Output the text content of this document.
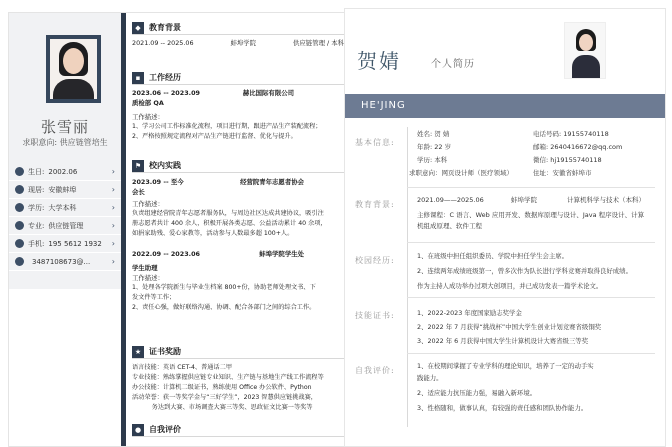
张雪丽
求职意向: 供应链管培生
生日: 2002.06	›
现居: 安徽蚌埠	›
学历: 大学本科	›
专业: 供应链管理	›
手机: 195 5612 1932	›
3487108673@...	›
◆	教育背景
2021.09 -- 2025.06	蚌埠学院	供应链管理 / 本科
▪	工作经历
2023.06 -- 2023.09	赫比国际有限公司
质检部 QA
工作描述：
1、学习公司工作标准化流程，项目进行期，跟进产品生产装配流程；
2、严格按照规定流程对产品生产链进行监督、优化与提升。
⚑ 校内实践
2023.09 -- 至今	经营院青年志愿者协会
会长
工作描述：
负责组建经营院青年志愿者服务队，与周边社区达成共建协议，吸引注
册志愿者共计 400 余人，积极开展各类志愿、公益活动累计 40 余项，
如捐家助残、爱心家教等，活动参与人数最多超 100+人。
2022.09 -- 2023.06	蚌埠学院学生处
学生助理
工作描述：
1、处理各学院新生与毕业生档案 800+份，协助老师处理文书、下
发文件等工作；
2、责任心强，做好联络沟通、协调、配合各部门之间的综合工作。
★ 证书奖励
语言技能：英语 CET-4、普通话二甲
专业技能：熟练掌握供应链专业知识、生产链与基地生产线工作流程等
办公技能：计算机二级证书，熟练使用 Office 办公软件、Python
活动荣誉：获一等奖学金与“三好学生”，2023 智慧供应链挑战赛，
务达到大赛、市场调查大赛三等奖、思政征文比赛一等奖等
● 自我评价
贺婧	个人简历
HE'JING
基本信息:
姓名: 贺 婧	电话号码: 19155740118
年龄: 22 岁	邮箱: 2640416672@qq.com
学历: 本科	微信: hj19155740118
求职意向：网页设计师（医疗领域）	住址：安徽省蚌埠市
教育背景:	2021.09——2025.06	蚌埠学院	计算机科学与技术（本科）
主修课程：C 语言、Web 应用开发、数据库原理与设计、Java 程序设计、计算
机组成原理、软件工程
校园经历:	1、在班级中担任组织委员、学院中担任学生会主席。
2、连续两年成绩班级第一，曾多次作为队长进行学科竞赛并取得良好成绩。
作为主持人成功举办过项大创项目，并已成功发表一篇学术论文。
技能证书:	1、2022-2023 年度国家励志奖学金
2、2022 年 7 月获得“挑战杯”中国大学生创业计划竞赛省级铜奖
3、2022 年 6 月获得中国大学生计算机设计大赛省级三等奖
自我评价:	1、在校期间掌握了专业学科的理论知识，培养了一定的动手实
践能力。
2、适应能力抗压能力强，易融入新环境。
3、性格随和，做事认真，有较强的责任感和团队协作能力。
